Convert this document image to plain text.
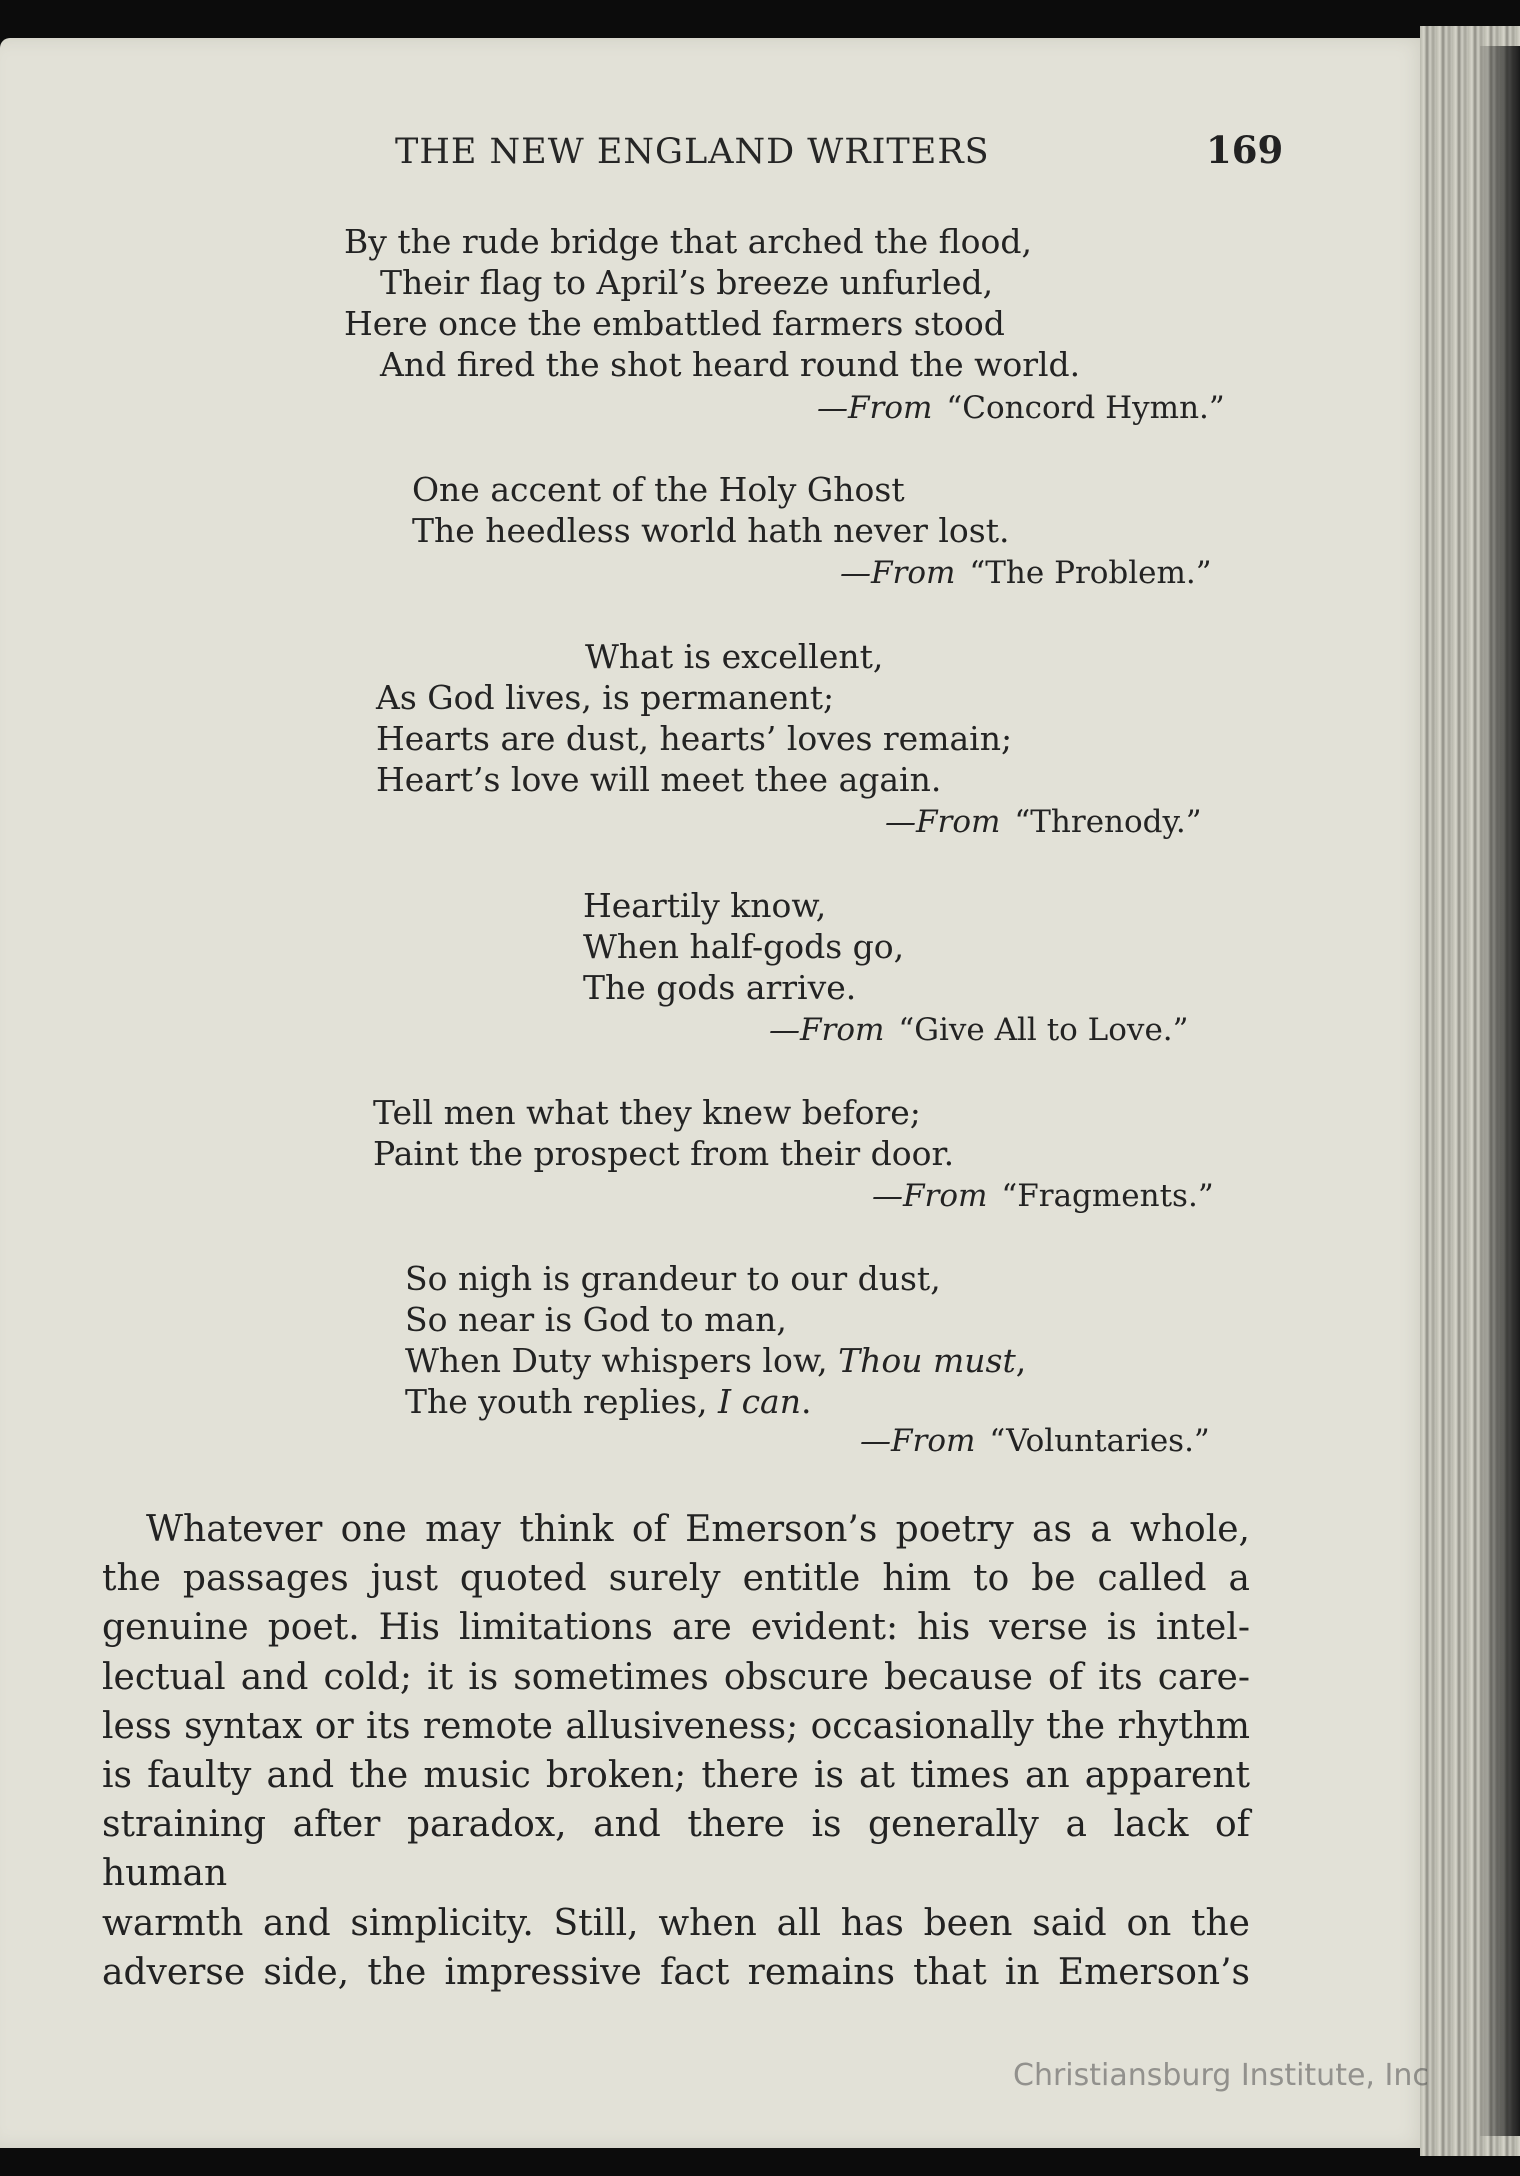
THE NEW ENGLAND WRITERS	169
By the rude bridge that arched the flood,
Their flag to April’s breeze unfurled,
Here once the embattled farmers stood
And fired the shot heard round the world.
—From “Concord Hymn.”
One accent of the Holy Ghost
The heedless world hath never lost.
—From “The Problem.”
What is excellent,
As God lives, is permanent;
Hearts are dust, hearts’ loves remain;
Heart’s love will meet thee again.
—From “Threnody.”
Heartily know,
When half-gods go,
The gods arrive.
—From “Give All to Love.”
Tell men what they knew before;
Paint the prospect from their door.
—From “Fragments.”
So nigh is grandeur to our dust,
So near is God to man,
When Duty whispers low, Thou must,
The youth replies, I can.
—From “Voluntaries.”
Whatever one may think of Emerson’s poetry as a whole,
the passages just quoted surely entitle him to be called a
genuine poet. His limitations are evident: his verse is intel-
lectual and cold; it is sometimes obscure because of its care-
less syntax or its remote allusiveness; occasionally the rhythm
is faulty and the music broken; there is at times an apparent
straining after paradox, and there is generally a lack of human
warmth and simplicity. Still, when all has been said on the
adverse side, the impressive fact remains that in Emerson’s
Christiansburg Institute, Inc
